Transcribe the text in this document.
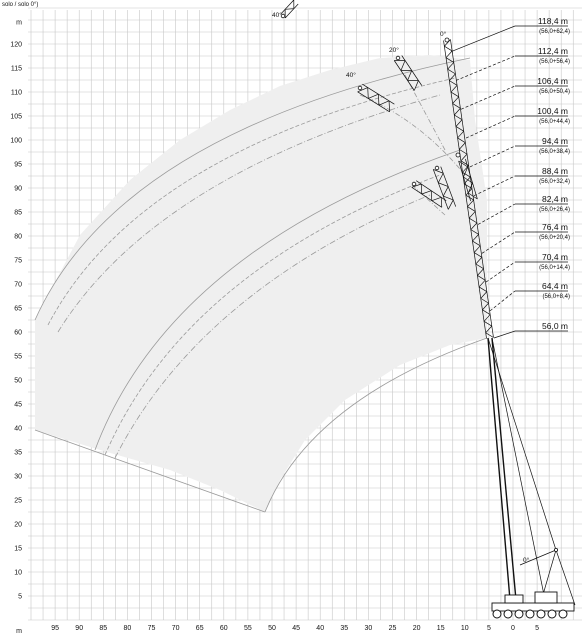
118,4 m
(56,0+62,4)
112,4 m
(56,0+56,4)
106,4 m
(56,0+50,4)
100,4 m
(56,0+44,4)
94,4 m
(56,0+38,4)
88,4 m
(56,0+32,4)
82,4 m
(56,0+26,4)
76,4 m
(56,0+20,4)
70,4 m
(56,0+14,4)
64,4 m
(56,0+8,4)
56,0 m
0°
20°
40°
0°
5
10
15
20
25
30
35
40
45
50
55
60
65
70
75
80
85
90
95
100
105
110
115
120
m
m	95 90 85 80 75 70 65 60 55 50 45 40 35 30 25 20 15 10	5	0	5
solo / solo 0°)
40°
